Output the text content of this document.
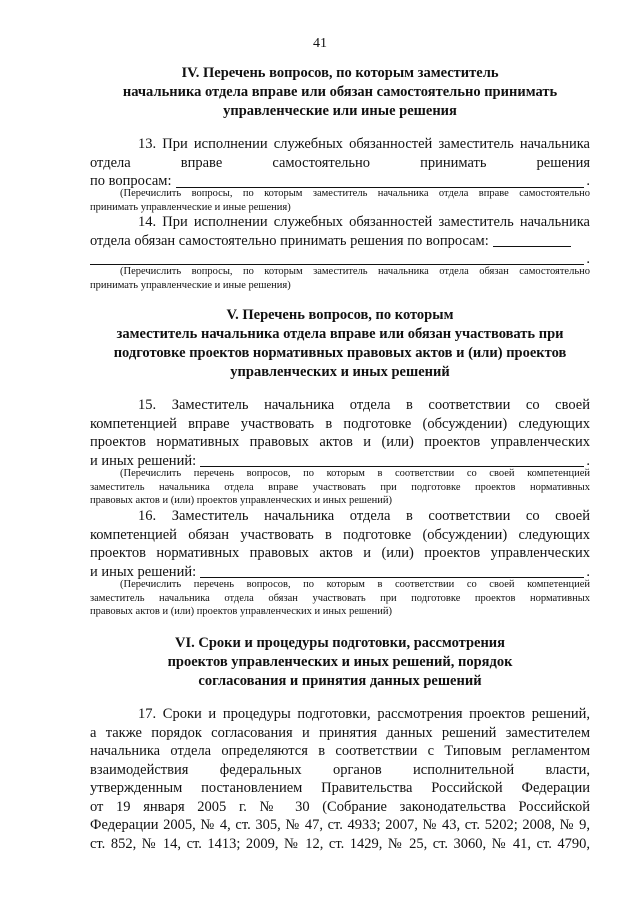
41
IV. Перечень вопросов, по которым заместитель
начальника отдела вправе или обязан самостоятельно принимать
управленческие или иные решения
13. При исполнении служебных обязанностей заместитель начальника
отдела	вправе	самостоятельно	принимать	решения
по вопросам:	.
(Перечислить вопросы, по которым заместитель начальника отдела вправе самостоятельно
принимать управленческие и иные решения)
14. При исполнении служебных обязанностей заместитель начальника
отдела обязан самостоятельно принимать решения по вопросам:
.
(Перечислить вопросы, по которым заместитель начальника отдела обязан самостоятельно
принимать управленческие и иные решения)
V. Перечень вопросов, по которым
заместитель начальника отдела вправе или обязан участвовать при
подготовке проектов нормативных правовых актов и (или) проектов
управленческих и иных решений
15. Заместитель начальника отдела в соответствии со своей
компетенцией вправе участвовать в подготовке (обсуждении) следующих
проектов нормативных правовых актов и (или) проектов управленческих
и иных решений:	.
(Перечислить перечень вопросов, по которым в соответствии со своей компетенцией
заместитель начальника отдела вправе участвовать при подготовке проектов нормативных
правовых актов и (или) проектов управленческих и иных решений)
16. Заместитель начальника отдела в соответствии со своей
компетенцией обязан участвовать в подготовке (обсуждении) следующих
проектов нормативных правовых актов и (или) проектов управленческих
и иных решений:	.
(Перечислить перечень вопросов, по которым в соответствии со своей компетенцией
заместитель начальника отдела обязан участвовать при подготовке проектов нормативных
правовых актов и (или) проектов управленческих и иных решений)
VI. Сроки и процедуры подготовки, рассмотрения
проектов управленческих и иных решений, порядок
согласования и принятия данных решений
17. Сроки и процедуры подготовки, рассмотрения проектов решений,
а также порядок согласования и принятия данных решений заместителем
начальника отдела определяются в соответствии с Типовым регламентом
взаимодействия федеральных органов исполнительной власти,
утвержденным постановлением Правительства Российской Федерации
от 19 января 2005 г. № 30 (Собрание законодательства Российской
Федерации 2005, № 4, ст. 305, № 47, ст. 4933; 2007, № 43, ст. 5202; 2008, № 9,
ст. 852, № 14, ст. 1413; 2009, № 12, ст. 1429, № 25, ст. 3060, № 41, ст. 4790,
